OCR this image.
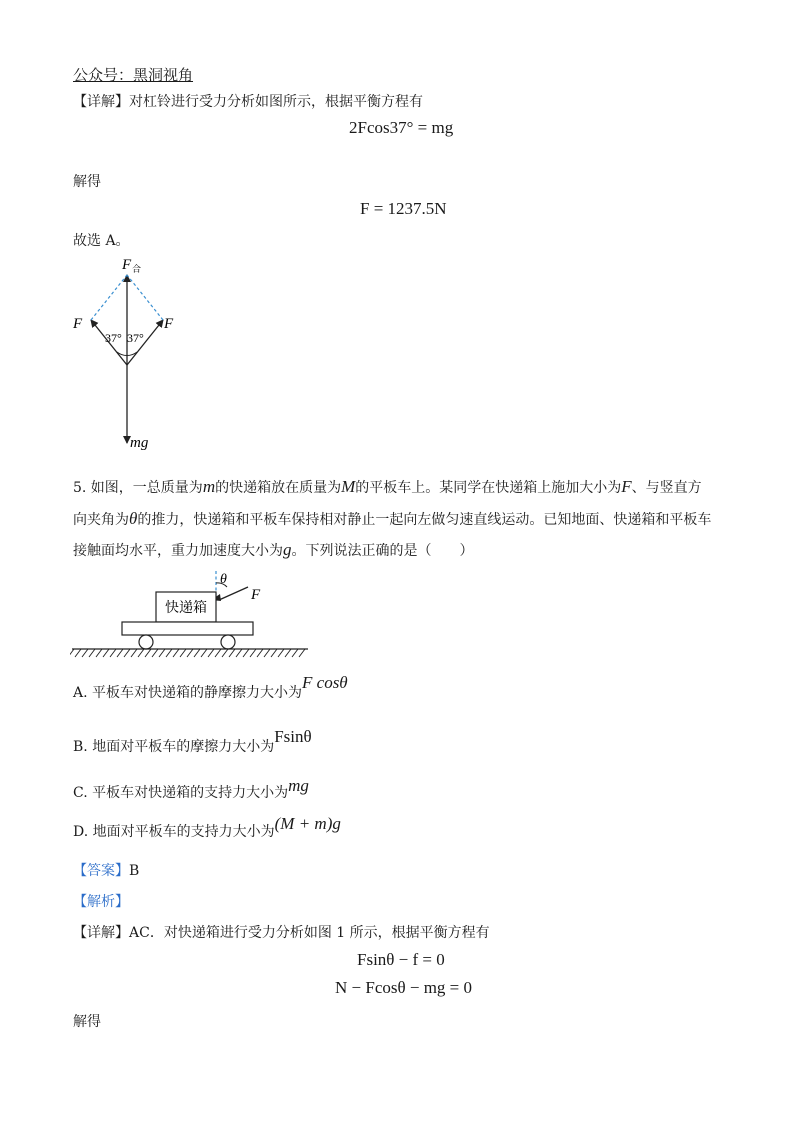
公众号：黑洞视角
【详解】对杠铃进行受力分析如图所示，根据平衡方程有
2Fcos37° = mg
解得
F = 1237.5N
故选 A。
F 合
F	F
37° 37°
mg
5. 如图，一总质量为m的快递箱放在质量为M的平板车上。某同学在快递箱上施加大小为F、与竖直方
向夹角为θ的推力，快递箱和平板车保持相对静止一起向左做匀速直线运动。已知地面、快递箱和平板车
接触面均水平，重力加速度大小为g。下列说法正确的是（　　）
θ
F
快递箱
A. 平板车对快递箱的静摩擦力大小为F cosθ
B. 地面对平板车的摩擦力大小为Fsinθ
C. 平板车对快递箱的支持力大小为mg
D. 地面对平板车的支持力大小为(M + m)g
【答案】B
【解析】
【详解】AC．对快递箱进行受力分析如图 1 所示，根据平衡方程有
Fsinθ − f = 0
N − Fcosθ − mg = 0
解得
